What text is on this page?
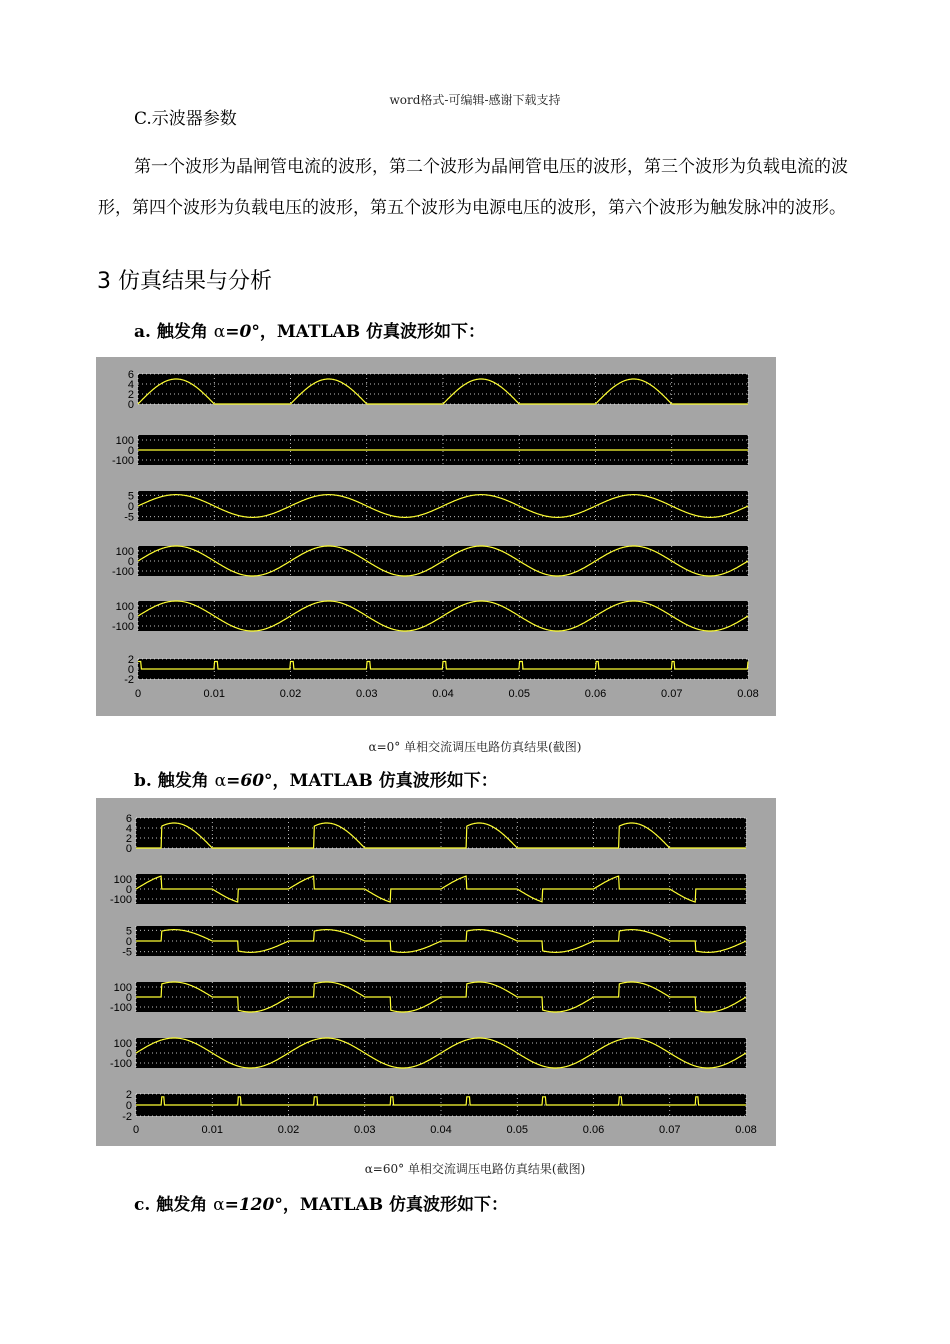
word格式-可编辑-感谢下载支持
C.示波器参数
第一个波形为晶闸管电流的波形，第二个波形为晶闸管电压的波形，第三个波形为负载电流的波形，第四个波形为负载电压的波形，第五个波形为电源电压的波形，第六个波形为触发脉冲的波形。
3 仿真结果与分析
a. 触发角 α=0°，MATLAB 仿真波形如下：
6
4
2
0
100
0
-100
5
0
-5
100
0
-100
100
0
-100
2
0
-2
0	0.01	0.02	0.03	0.04	0.05	0.06	0.07	0.08
α=0° 单相交流调压电路仿真结果(截图)
b. 触发角 α=60°，MATLAB 仿真波形如下：
6
4
2
0
100
0
-100
5
0
-5
100
0
-100
100
0
-100
2
0
-2
0	0.01	0.02	0.03	0.04	0.05	0.06	0.07	0.08
α=60° 单相交流调压电路仿真结果(截图)
c. 触发角 α=120°，MATLAB 仿真波形如下：
